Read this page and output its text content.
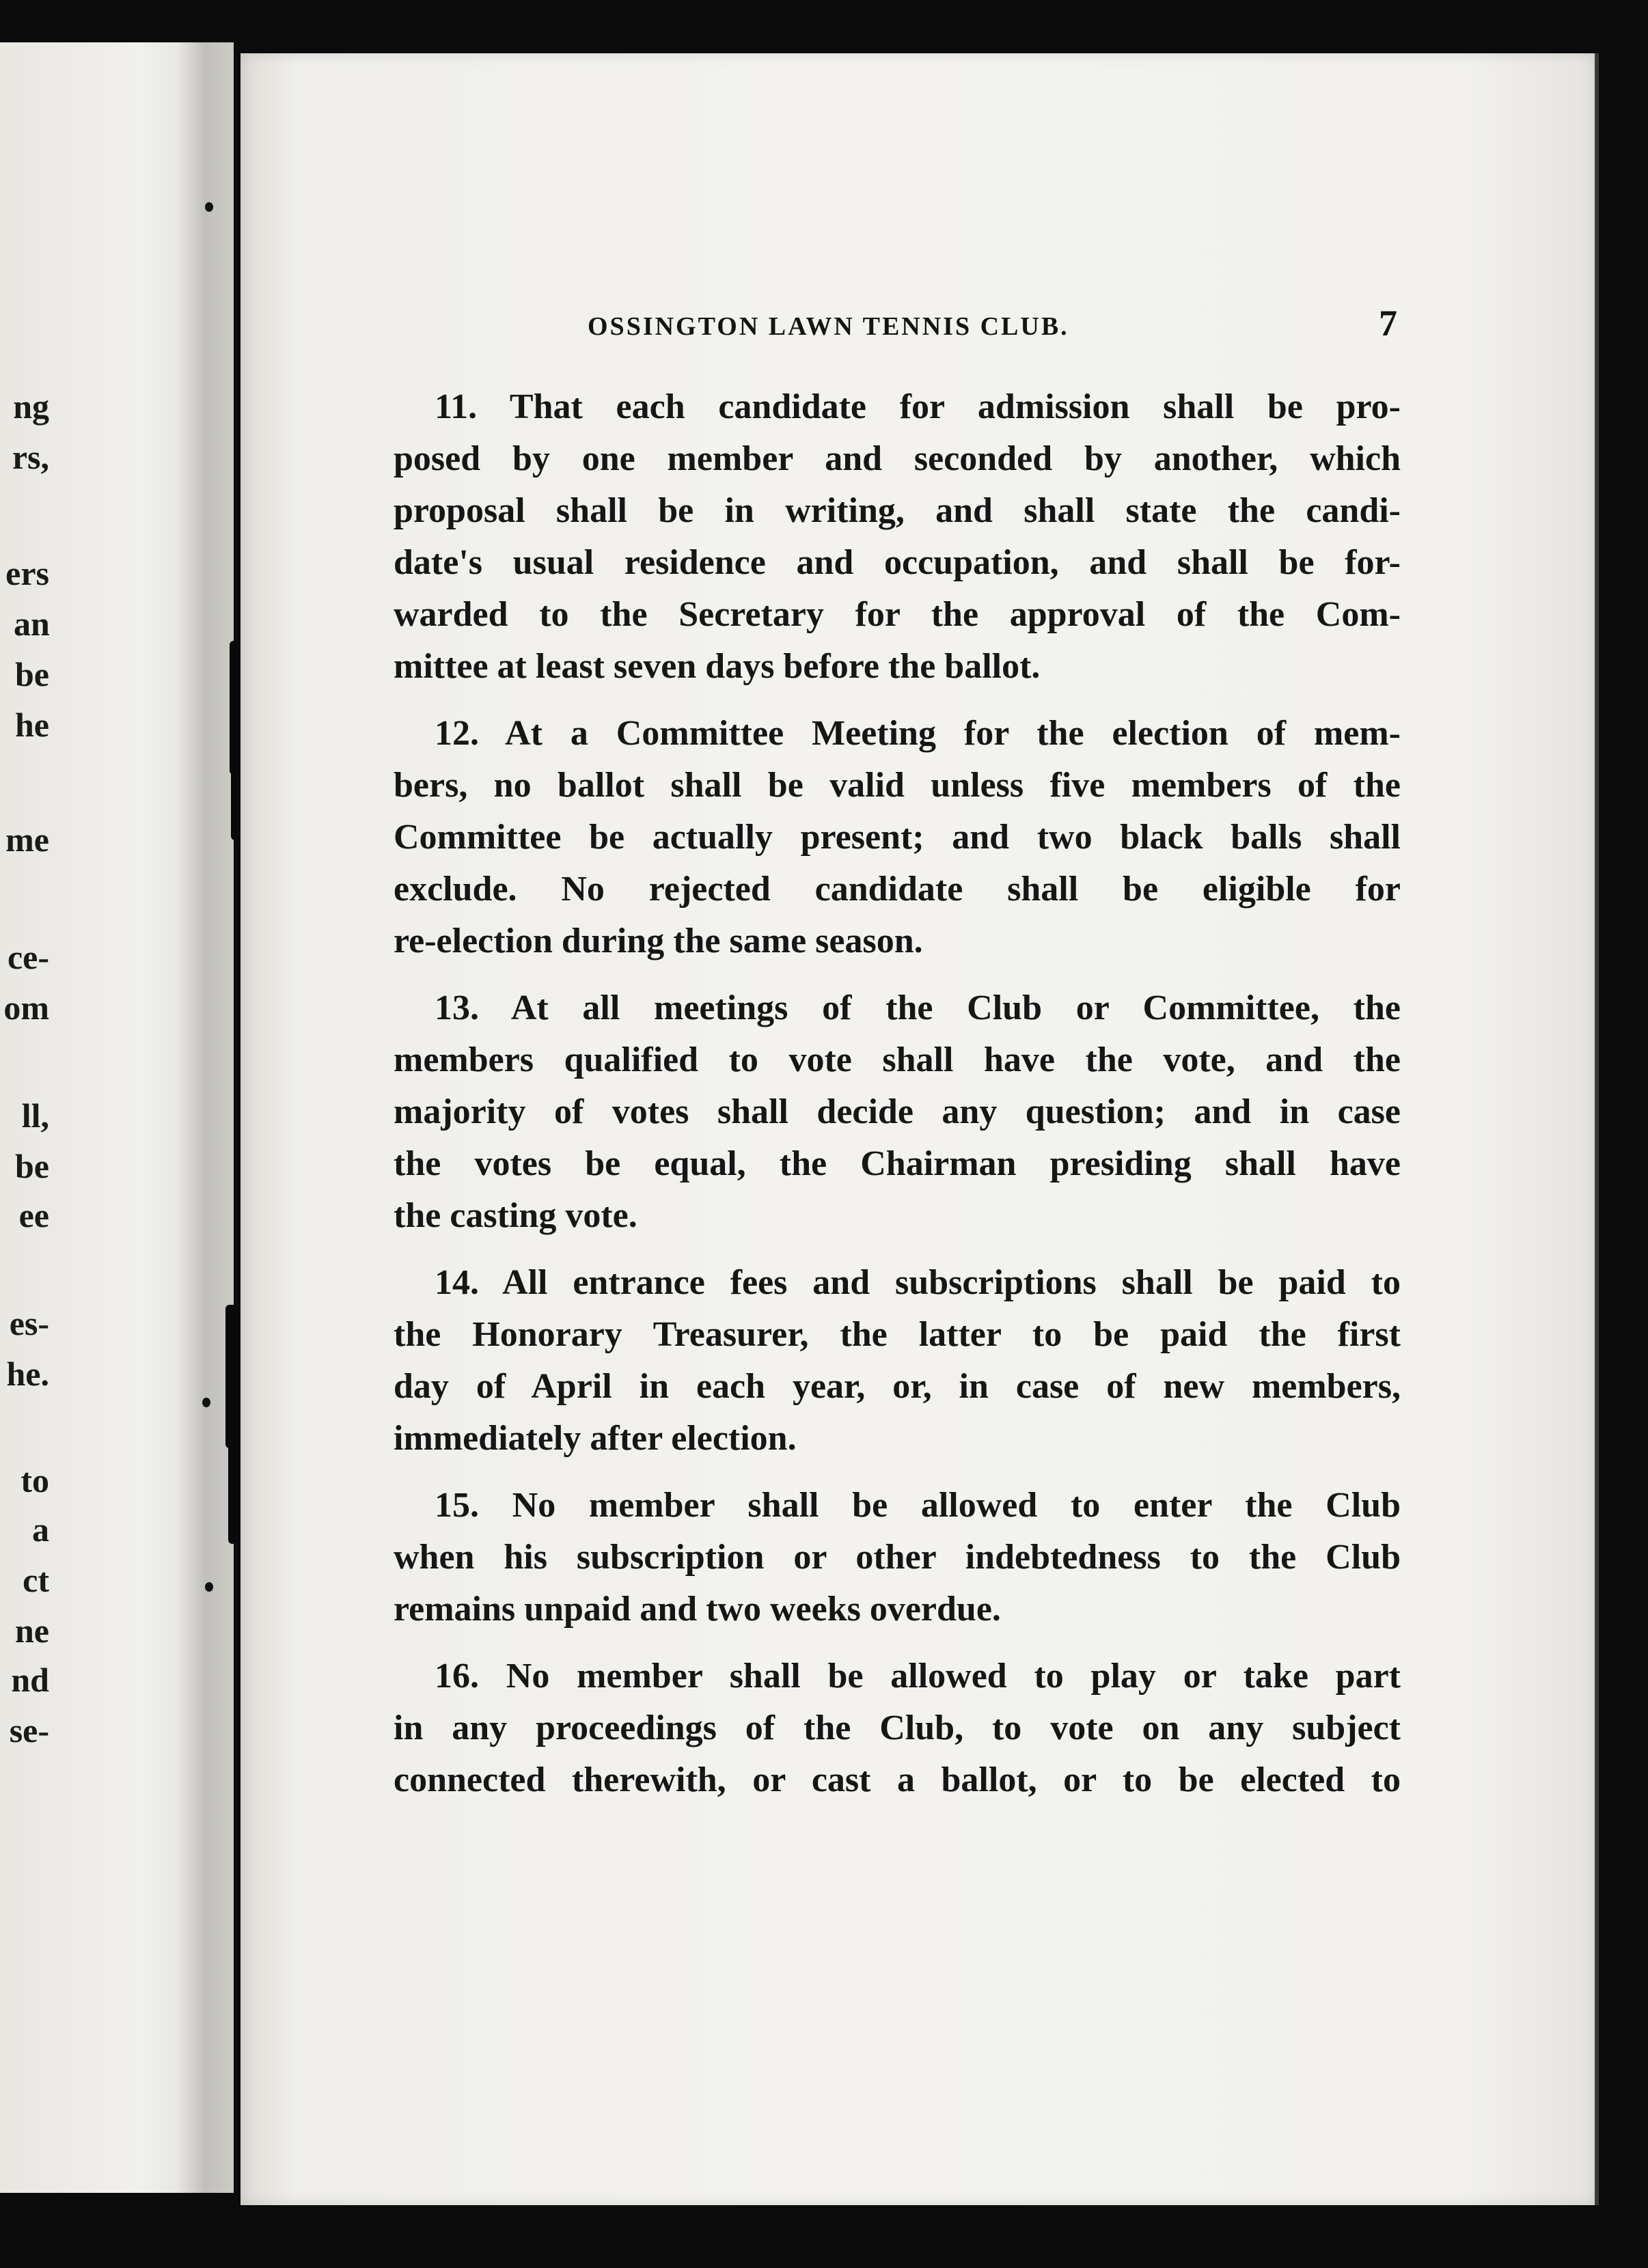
ng
rs,
ers
an
be
he
me
ce-
om
ll,
be
ee
es-
he.
to
a
ct
ne
nd
se-
OSSINGTON LAWN TENNIS CLUB.	7
11. That each candidate for admission shall be pro-
posed by one member and seconded by another, which
proposal shall be in writing, and shall state the candi-
date's usual residence and occupation, and shall be for-
warded to the Secretary for the approval of the Com-
mittee at least seven days before the ballot.
12. At a Committee Meeting for the election of mem-
bers, no ballot shall be valid unless five members of the
Committee be actually present; and two black balls shall
exclude. No rejected candidate shall be eligible for
re-election during the same season.
13. At all meetings of the Club or Committee, the
members qualified to vote shall have the vote, and the
majority of votes shall decide any question; and in case
the votes be equal, the Chairman presiding shall have
the casting vote.
14. All entrance fees and subscriptions shall be paid to
the Honorary Treasurer, the latter to be paid the first
day of April in each year, or, in case of new members,
immediately after election.
15. No member shall be allowed to enter the Club
when his subscription or other indebtedness to the Club
remains unpaid and two weeks overdue.
16. No member shall be allowed to play or take part
in any proceedings of the Club, to vote on any subject
connected therewith, or cast a ballot, or to be elected to
